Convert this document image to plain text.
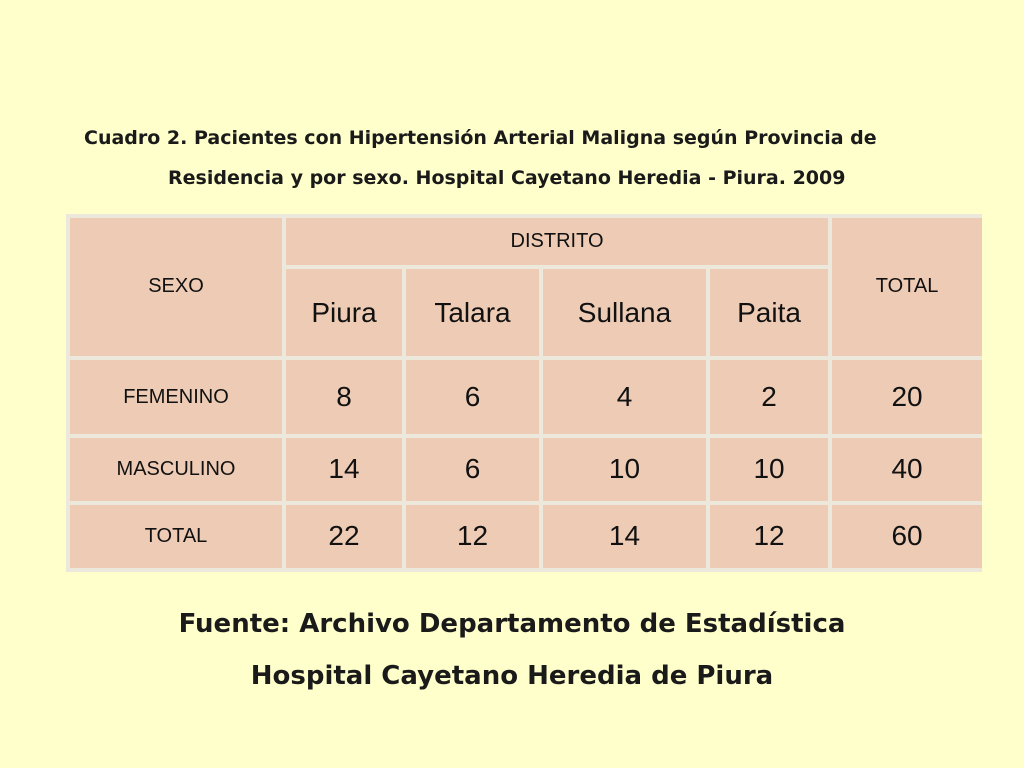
Cuadro 2. Pacientes con Hipertensión Arterial Maligna según Provincia de
Residencia y por sexo. Hospital Cayetano Heredia - Piura. 2009
SEXO	DISTRITO				TOTAL
	Piura	Talara	Sullana	Paita	
FEMENINO	8	6	4	2	20
MASCULINO	14	6	10	10	40
TOTAL	22	12	14	12	60
Fuente: Archivo Departamento de Estadística
Hospital Cayetano Heredia de Piura
